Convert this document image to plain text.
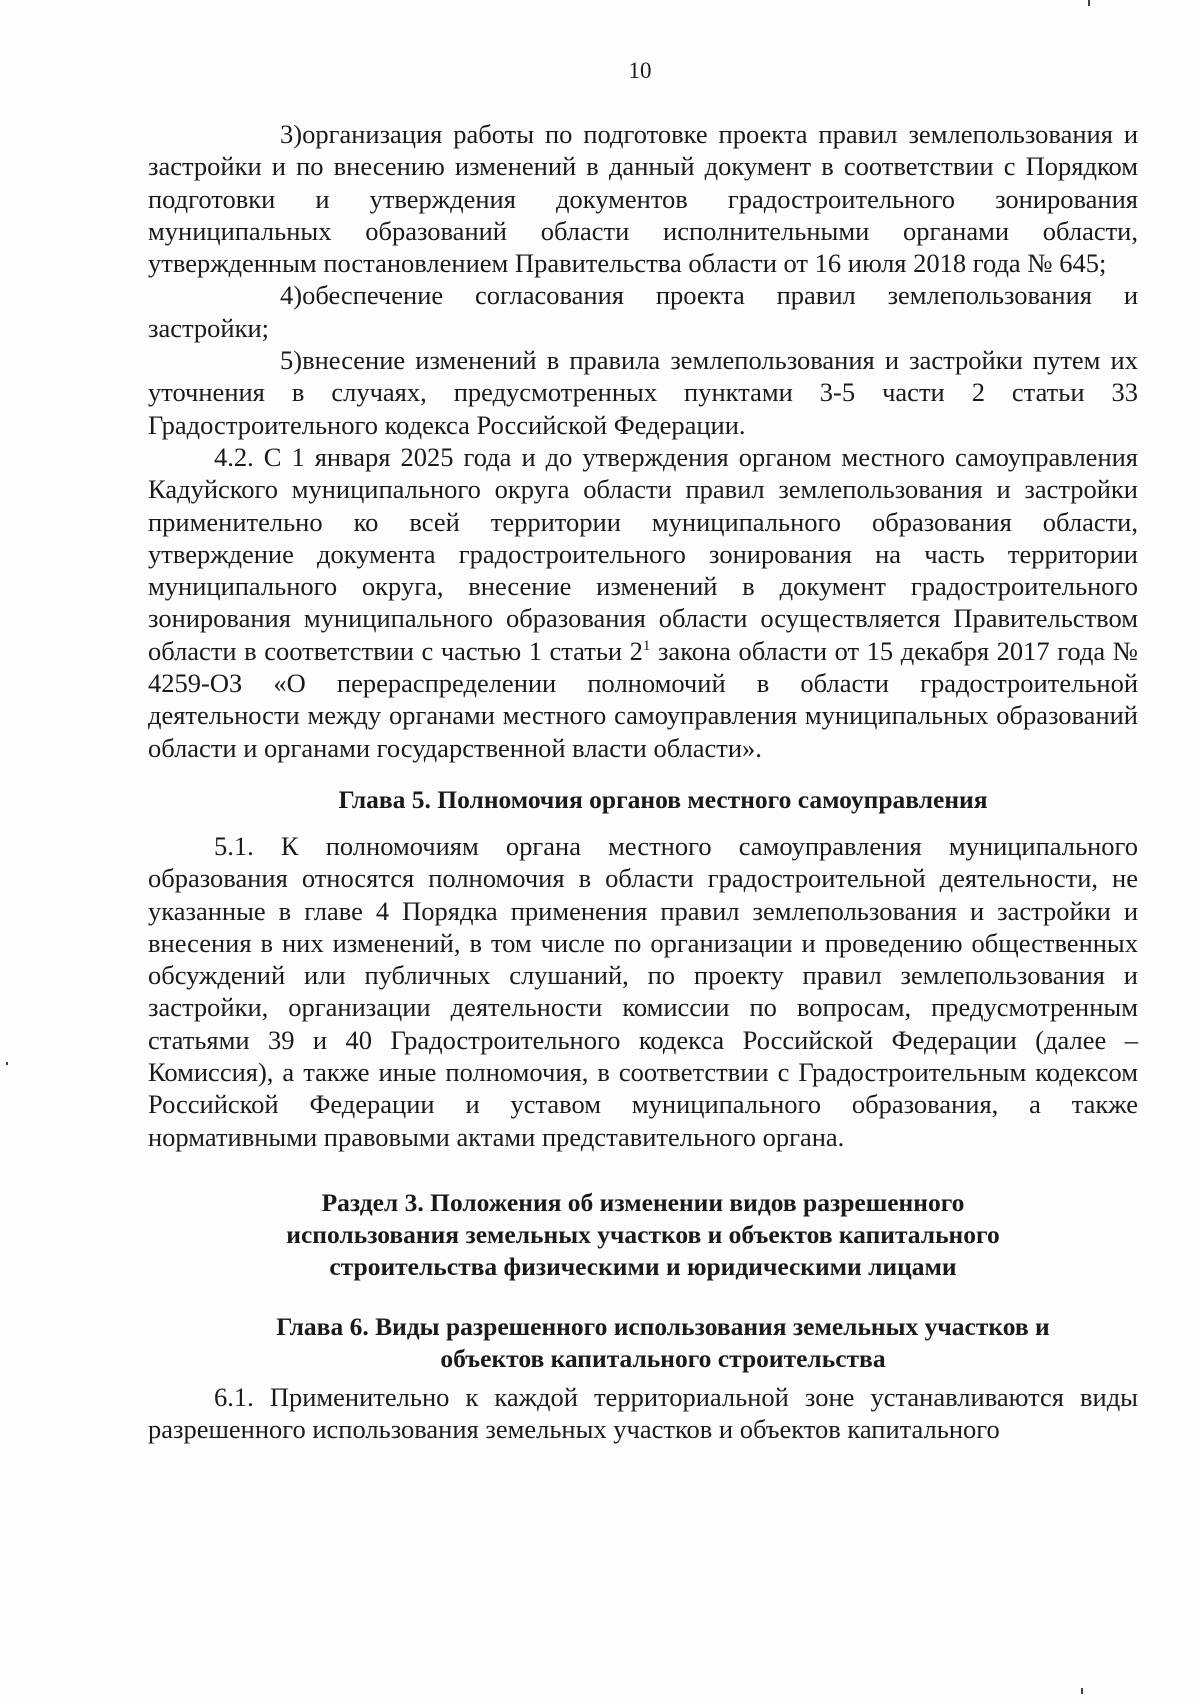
10

3)организация работы по подготовке проекта правил землепользования и застройки и по внесению изменений в данный документ в соответствии с Порядком подготовки и утверждения документов градостроительного зонирования муниципальных образований области исполнительными органами области, утвержденным постановлением Правительства области от 16 июля 2018 года № 645;

4)обеспечение согласования проекта правил землепользования и застройки;

5)внесение изменений в правила землепользования и застройки путем их уточнения в случаях, предусмотренных пунктами 3-5 части 2 статьи 33 Градостроительного кодекса Российской Федерации.

4.2. С 1 января 2025 года и до утверждения органом местного самоуправления Кадуйского муниципального округа области правил землепользования и застройки применительно ко всей территории муниципального образования области, утверждение документа градостроительного зонирования на часть территории муниципального округа, внесение изменений в документ градостроительного зонирования муниципального образования области осуществляется Правительством области в соответствии с частью 1 статьи $2^1$ закона области от 15 декабря 2017 года № 4259-ОЗ «О перераспределении полномочий в области градостроительной деятельности между органами местного самоуправления муниципальных образований области и органами государственной власти области».

Глава 5. Полномочия органов местного самоуправления

5.1. К полномочиям органа местного самоуправления муниципального образования относятся полномочия в области градостроительной деятельности, не указанные в главе 4 Порядка применения правил землепользования и застройки и внесения в них изменений, в том числе по организации и проведению общественных обсуждений или публичных слушаний, по проекту правил землепользования и застройки, организации деятельности комиссии по вопросам, предусмотренным статьями 39 и 40 Градостроительного кодекса Российской Федерации (далее – Комиссия), а также иные полномочия, в соответствии с Градостроительным кодексом Российской Федерации и уставом муниципального образования, а также нормативными правовыми актами представительного органа.

Раздел 3. Положения об изменении видов разрешенного
использования земельных участков и объектов капитального
строительства физическими и юридическими лицами
Глава 6. Виды разрешенного использования земельных участков и
объектов капитального строительства

6.1. Применительно к каждой территориальной зоне устанавливаются виды разрешенного использования земельных участков и объектов капитального
